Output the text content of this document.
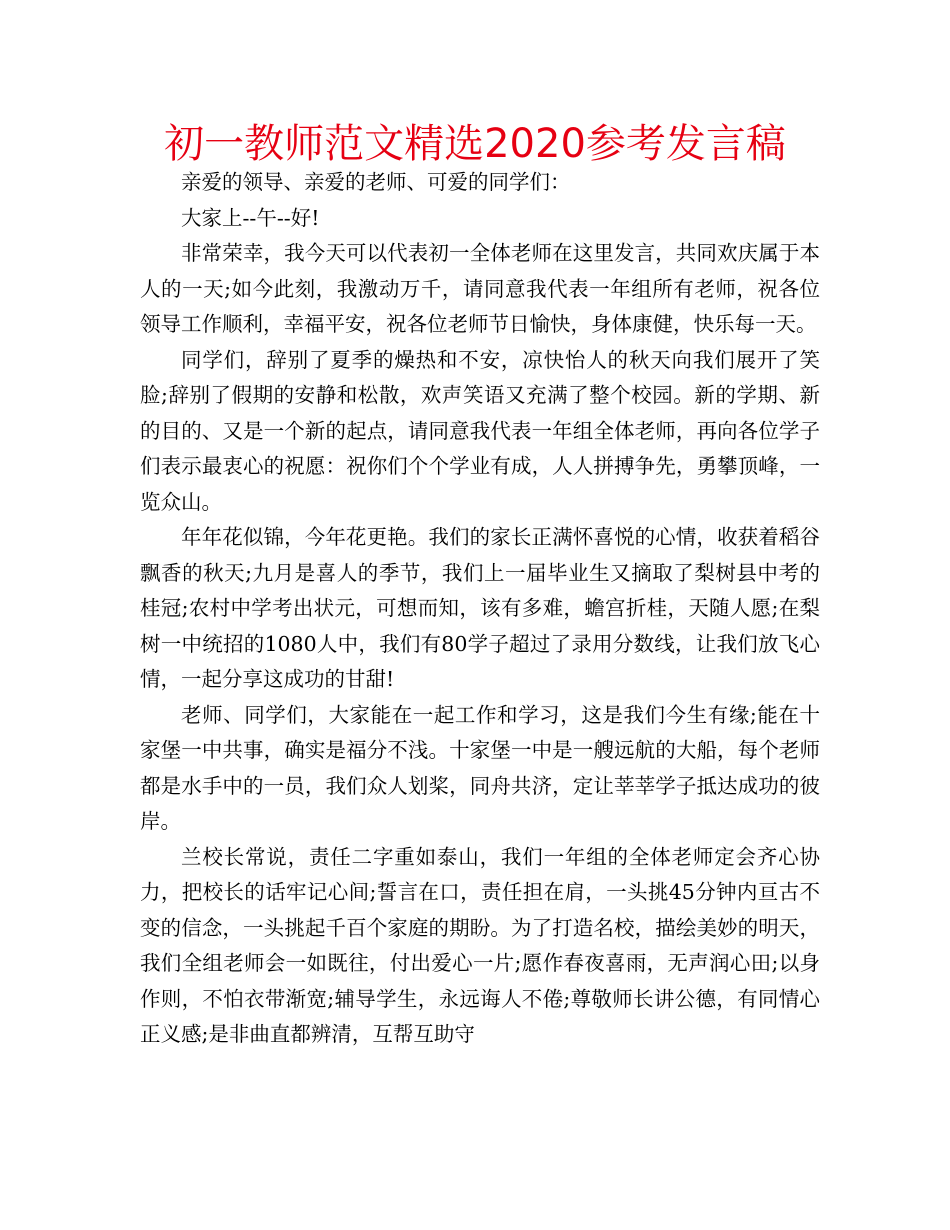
初一教师范文精选2020参考发言稿

亲爱的领导、亲爱的老师、可爱的同学们：

大家上--午--好!

非常荣幸，我今天可以代表初一全体老师在这里发言，共同欢庆属于本人的一天;如今此刻，我激动万千，请同意我代表一年组所有老师，祝各位领导工作顺利，幸福平安，祝各位老师节日愉快，身体康健，快乐每一天。

同学们，辞别了夏季的燥热和不安，凉快怡人的秋天向我们展开了笑脸;辞别了假期的安静和松散，欢声笑语又充满了整个校园。新的学期、新的目的、又是一个新的起点，请同意我代表一年组全体老师，再向各位学子们表示最衷心的祝愿：祝你们个个学业有成，人人拼搏争先，勇攀顶峰，一览众山。

年年花似锦，今年花更艳。我们的家长正满怀喜悦的心情，收获着稻谷飘香的秋天;九月是喜人的季节，我们上一届毕业生又摘取了梨树县中考的桂冠;农村中学考出状元，可想而知，该有多难，蟾宫折桂，天随人愿;在梨树一中统招的1080人中，我们有80学子超过了录用分数线，让我们放飞心情，一起分享这成功的甘甜!

老师、同学们，大家能在一起工作和学习，这是我们今生有缘;能在十家堡一中共事，确实是福分不浅。十家堡一中是一艘远航的大船，每个老师都是水手中的一员，我们众人划桨，同舟共济，定让莘莘学子抵达成功的彼岸。

兰校长常说，责任二字重如泰山，我们一年组的全体老师定会齐心协力，把校长的话牢记心间;誓言在口，责任担在肩，一头挑45分钟内亘古不变的信念，一头挑起千百个家庭的期盼。为了打造名校，描绘美妙的明天，我们全组老师会一如既往，付出爱心一片;愿作春夜喜雨，无声润心田;以身作则，不怕衣带渐宽;辅导学生，永远诲人不倦;尊敬师长讲公德，有同情心正义感;是非曲直都辨清，互帮互助守
